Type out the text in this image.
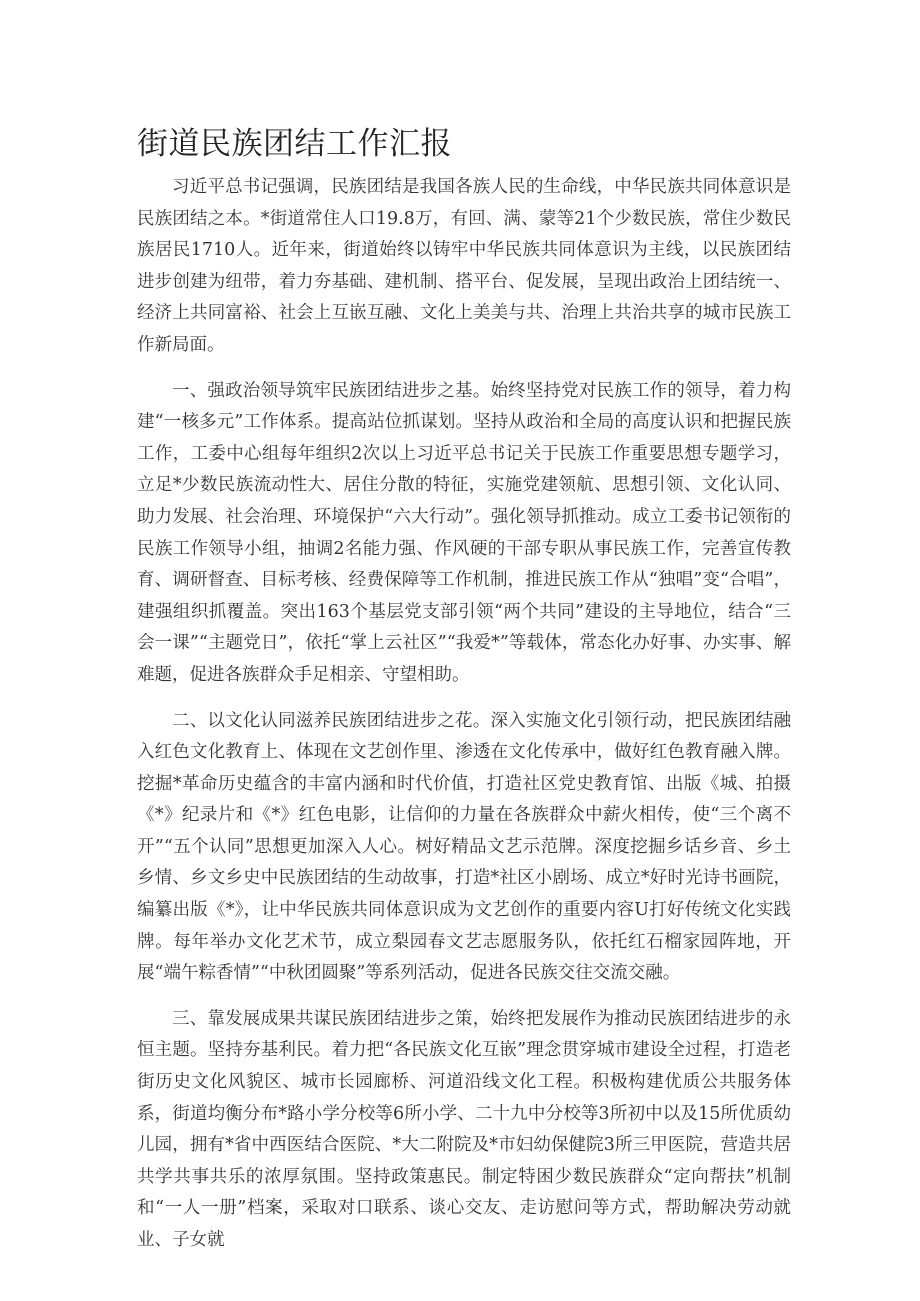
街道民族团结工作汇报

习近平总书记强调，民族团结是我国各族人民的生命线，中华民族共同体意识是民族团结之本。*街道常住人口19.8万，有回、满、蒙等21个少数民族，常住少数民族居民1710人。近年来，街道始终以铸牢中华民族共同体意识为主线，以民族团结进步创建为纽带，着力夯基础、建机制、搭平台、促发展，呈现出政治上团结统一、经济上共同富裕、社会上互嵌互融、文化上美美与共、治理上共治共享的城市民族工作新局面。

一、强政治领导筑牢民族团结进步之基。始终坚持党对民族工作的领导，着力构建“一核多元”工作体系。提高站位抓谋划。坚持从政治和全局的高度认识和把握民族工作，工委中心组每年组织2次以上习近平总书记关于民族工作重要思想专题学习，立足*少数民族流动性大、居住分散的特征，实施党建领航、思想引领、文化认同、助力发展、社会治理、环境保护“六大行动”。强化领导抓推动。成立工委书记领衔的民族工作领导小组，抽调2名能力强、作风硬的干部专职从事民族工作，完善宣传教育、调研督查、目标考核、经费保障等工作机制，推进民族工作从“独唱”变“合唱”，建强组织抓覆盖。突出163个基层党支部引领“两个共同”建设的主导地位，结合“三会一课”“主题党日”，依托“掌上云社区”“我爱*”等载体，常态化办好事、办实事、解难题，促进各族群众手足相亲、守望相助。

二、以文化认同滋养民族团结进步之花。深入实施文化引领行动，把民族团结融入红色文化教育上、体现在文艺创作里、渗透在文化传承中，做好红色教育融入牌。挖掘*革命历史蕴含的丰富内涵和时代价值，打造社区党史教育馆、出版《城、拍摄《*》纪录片和《*》红色电影，让信仰的力量在各族群众中薪火相传，使“三个离不开”“五个认同”思想更加深入人心。树好精品文艺示范牌。深度挖掘乡话乡音、乡土乡情、乡文乡史中民族团结的生动故事，打造*社区小剧场、成立*好时光诗书画院，编纂出版《*》，让中华民族共同体意识成为文艺创作的重要内容U打好传统文化实践牌。每年举办文化艺术节，成立梨园春文艺志愿服务队，依托红石榴家园阵地，开展“端午粽香情”“中秋团圆聚”等系列活动，促进各民族交往交流交融。

三、靠发展成果共谋民族团结进步之策，始终把发展作为推动民族团结进步的永恒主题。坚持夯基利民。着力把“各民族文化互嵌”理念贯穿城市建设全过程，打造老街历史文化风貌区、城市长园廊桥、河道沿线文化工程。积极构建优质公共服务体系，街道均衡分布*路小学分校等6所小学、二十九中分校等3所初中以及15所优质幼儿园，拥有*省中西医结合医院、*大二附院及*市妇幼保健院3所三甲医院，营造共居共学共事共乐的浓厚氛围。坚持政策惠民。制定特困少数民族群众“定向帮扶”机制和“一人一册”档案，采取对口联系、谈心交友、走访慰问等方式，帮助解决劳动就业、子女就
